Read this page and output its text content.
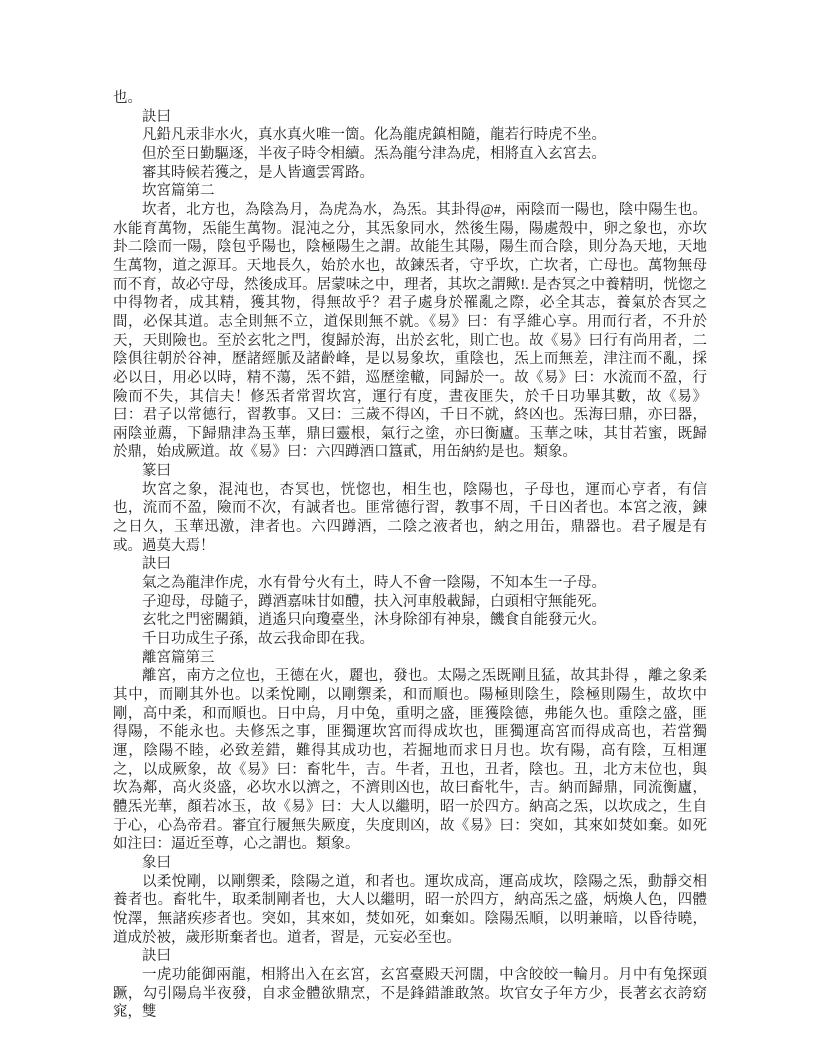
也。
訣曰
凡鉛凡汞非水火，真水真火唯一箇。化為龍虎鎮相隨，龍若行時虎不坐。
但於至日勤驅逐，半夜子時令相續。炁為龍兮津為虎，相將直入玄宮去。
審其時候若獲之，是人皆適雲霄路。
坎宮篇第二
坎者，北方也，為陰為月，為虎為水，為炁。其卦得@#，兩陰而一陽也，陰中陽生也。水能育萬物，炁能生萬物。混沌之分，其炁象同水，然後生陽，陽處殼中，卵之象也，亦坎卦二陰而一陽，陰包乎陽也，陰極陽生之謂。故能生其陽，陽生而合陰，則分為天地，天地生萬物，道之源耳。天地長久，始於水也，故鍊炁者，守乎坎，亡坎者，亡母也。萬物無母而不育，故必守母，然後成耳。居蒙味之中，理者，其坎之謂歟!. 是杏冥之中養精明，恍惚之中得物者，成其精，獲其物，得無故乎？君子處身於罹亂之際，必全其志，養氣於杏冥之間，必保其道。志全則無不立，道保則無不就。《易》曰：有孚維心享。用而行者，不升於天，天則險也。至於玄牝之門，復歸於海，出於玄牝，則亡也。故《易》曰行有尚用者，二陰俱往朝於谷神，歷諸經脈及諸齡峰，是以易象坎，重陰也，炁上而無差，津注而不亂，採必以日，用必以時，精不蕩，炁不錯，巡歷塗轍，同歸於一。故《易》曰：水流而不盈，行險而不失，其信夫！修炁者常習坎宮，運行有度，晝夜匪失，於千日功畢其數，故《易》曰：君子以常德行，習教事。又曰：三歲不得凶，千日不就，終凶也。炁海曰鼎，亦曰器，兩陰並薦，下歸鼎津為玉華，鼎曰靈根，氣行之塗，亦曰衡廬。玉華之味，其甘若蜜，既歸於鼎，始成厥道。故《易》曰：六四蹲酒口簋貳，用缶納約是也。類象。
篆曰
坎宮之象，混沌也，杏冥也，恍惚也，相生也，陰陽也，子母也，運而心亨者，有信也，流而不盈，險而不次，有誠者也。匪常德行習，教事不周，千日凶者也。本宮之液，鍊之日久，玉華迅激，津者也。六四蹲酒，二陰之液者也，納之用缶，鼎器也。君子履是有或。過莫大焉！
訣曰
氣之為龍津作虎，水有骨兮火有土，時人不會一陰陽，不知本生一子母。
子迎母，母隨子，蹲酒嘉味甘如醴，扶入河車般載歸，白頭相守無能死。
玄牝之門密關鎖，逍遙只向瓊臺坐，沐身除卻有神泉，饑食自能發元火。
千日功成生子孫，故云我命即在我。
離宮篇第三
離宮，南方之位也，王德在火，麗也，發也。太陽之炁既剛且猛，故其卦得 ，離之象柔其中，而剛其外也。以柔悅剛，以剛禦柔，和而順也。陽極則陰生，陰極則陽生，故坎中剛，高中柔，和而順也。日中烏，月中兔，重明之盛，匪獲陰德，弗能久也。重陰之盛，匪得陽，不能永也。夫修炁之事，匪獨運坎宮而得成坎也，匪獨運高宮而得成高也，若當獨運，陰陽不睦，必致差錯，難得其成功也，若掘地而求日月也。坎有陽，高有陰，互相運之，以成厥象，故《易》曰：畜牝牛，吉。牛者，丑也，丑者，陰也。丑，北方末位也，與坎為鄰，高火炎盛，必坎水以濟之，不濟則凶也，故曰畜牝牛，吉。納而歸鼎，同流衡廬，體炁光華，顏若冰玉，故《易》曰：大人以繼明，昭一於四方。納高之炁，以坎成之，生自于心，心為帝君。審宜行履無失厥度，失度則凶，故《易》曰：突如，其來如焚如棄。如死如注曰：逼近至尊，心之謂也。類象。
象曰
以柔悅剛，以剛禦柔，陰陽之道，和者也。運坎成高，運高成坎，陰陽之炁，動靜交相養者也。畜牝牛，取柔制剛者也，大人以繼明，昭一於四方，納高炁之盛，炳煥人色，四體悅澤，無諸疾疹者也。突如，其來如，焚如死，如棄如。陰陽炁順，以明兼暗，以昏待曉，道成於被，歲形斯棄者也。道者，習是，元妄必至也。
訣曰
一虎功能御兩龍，相將出入在玄宮，玄宮臺殿天河闊，中含皎皎一輪月。月中有兔探頭蹶，勾引陽烏半夜發，自求金體欲鼎烹，不是鋒錯誰敢煞。坎官女子年方少，長著玄衣誇窈窕，雙
